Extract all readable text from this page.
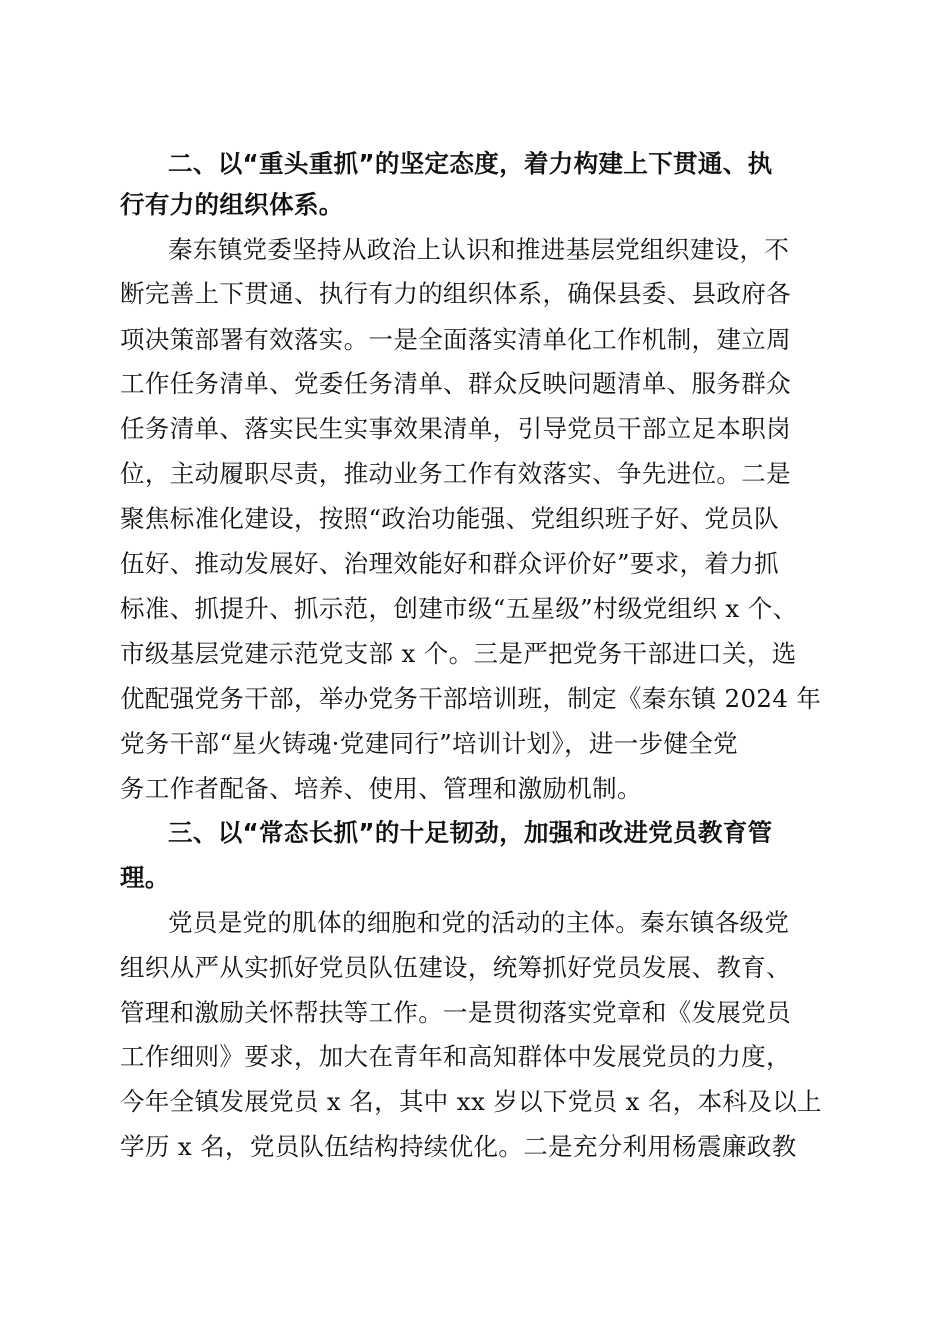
二、以“重头重抓”的坚定态度，着力构建上下贯通、执
行有力的组织体系。
秦东镇党委坚持从政治上认识和推进基层党组织建设，不
断完善上下贯通、执行有力的组织体系，确保县委、县政府各
项决策部署有效落实。一是全面落实清单化工作机制，建立周
工作任务清单、党委任务清单、群众反映问题清单、服务群众
任务清单、落实民生实事效果清单，引导党员干部立足本职岗
位，主动履职尽责，推动业务工作有效落实、争先进位。二是
聚焦标准化建设，按照“政治功能强、党组织班子好、党员队
伍好、推动发展好、治理效能好和群众评价好”要求，着力抓
标准、抓提升、抓示范，创建市级“五星级”村级党组织 x 个、
市级基层党建示范党支部 x 个。三是严把党务干部进口关，选
优配强党务干部，举办党务干部培训班，制定《秦东镇 2024 年
党务干部“星火铸魂·党建同行”培训计划》，进一步健全党
务工作者配备、培养、使用、管理和激励机制。
三、以“常态长抓”的十足韧劲，加强和改进党员教育管
理。
党员是党的肌体的细胞和党的活动的主体。秦东镇各级党
组织从严从实抓好党员队伍建设，统筹抓好党员发展、教育、
管理和激励关怀帮扶等工作。一是贯彻落实党章和《发展党员
工作细则》要求，加大在青年和高知群体中发展党员的力度，
今年全镇发展党员 x 名，其中 xx 岁以下党员 x 名，本科及以上
学历 x 名，党员队伍结构持续优化。二是充分利用杨震廉政教
